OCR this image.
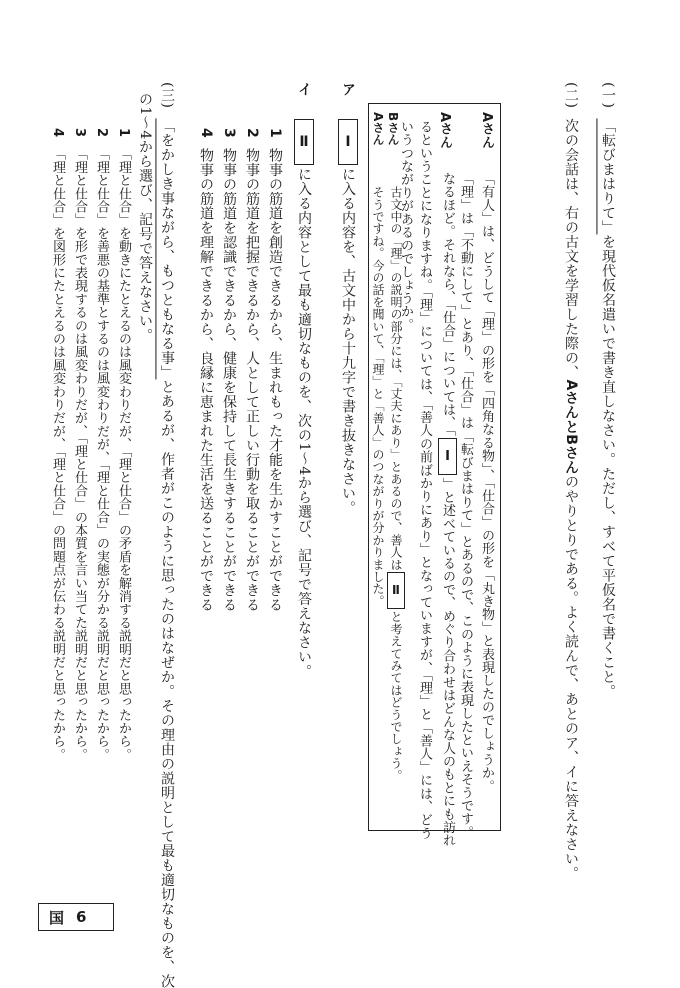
(一)「転びまはりて」を現代仮名遣いで書き直しなさい。ただし、すべて平仮名で書くこと。
(二)次の会話は、右の古文を学習した際の、AさんとBさんのやりとりである。よく読んで、あとのア、イに答えなさい。
Aさん
「有人」は、どうして「理」の形を「四角なる物」、「仕合」の形を「丸き物」と表現したのでしょうか。
「理」は「不動にして」とあり、「仕合」は「転びまはりて」とあるので、このように表現したといえそうです。
Aさん
なるほど。それなら、「仕合」については、「Ⅰ」と述べているので、めぐり合わせはどんな人のもとにも訪れ
るということになりますね。「理」については、「善人の前ばかりにあり」となっていますが、「理」と「善人」には、どう
いうつながりがあるのでしょうか。
アⅠに入る内容を、古文中から十九字で書き抜きなさい。
イⅡに入る内容として最も適切なものを、次の1〜4から選び、記号で答えなさい。
1物事の筋道を創造できるから、生まれもった才能を生かすことができる
2物事の筋道を把握できるから、人として正しい行動を取ることができる
3物事の筋道を認識できるから、健康を保持して長生きすることができる
4物事の筋道を理解できるから、良縁に恵まれた生活を送ることができる
(三)「をかしき事ながら、もつともなる事」とあるが、作者がこのように思ったのはなぜか。その理由の説明として最も適切なものを、次
の1〜4から選び、記号で答えなさい。
1「理と仕合」を動きにたとえるのは風変わりだが、「理と仕合」の矛盾を解消する説明だと思ったから。
2「理と仕合」を善悪の基準とするのは風変わりだが、「理と仕合」の実態が分かる説明だと思ったから。
3「理と仕合」を形で表現するのは風変わりだが、「理と仕合」の本質を言い当てた説明だと思ったから。
4「理と仕合」を図形にたとえるのは風変わりだが、「理と仕合」の問題点が伝わる説明だと思ったから。
国 6
古文中の「理」の説明の部分には、「丈夫にあり」とあるので、善人はⅡと考えてみてはどうでしょう。
そうですね。今の話を聞いて、「理」と「善人」のつながりが分かりました。
Bさん
Aさん
